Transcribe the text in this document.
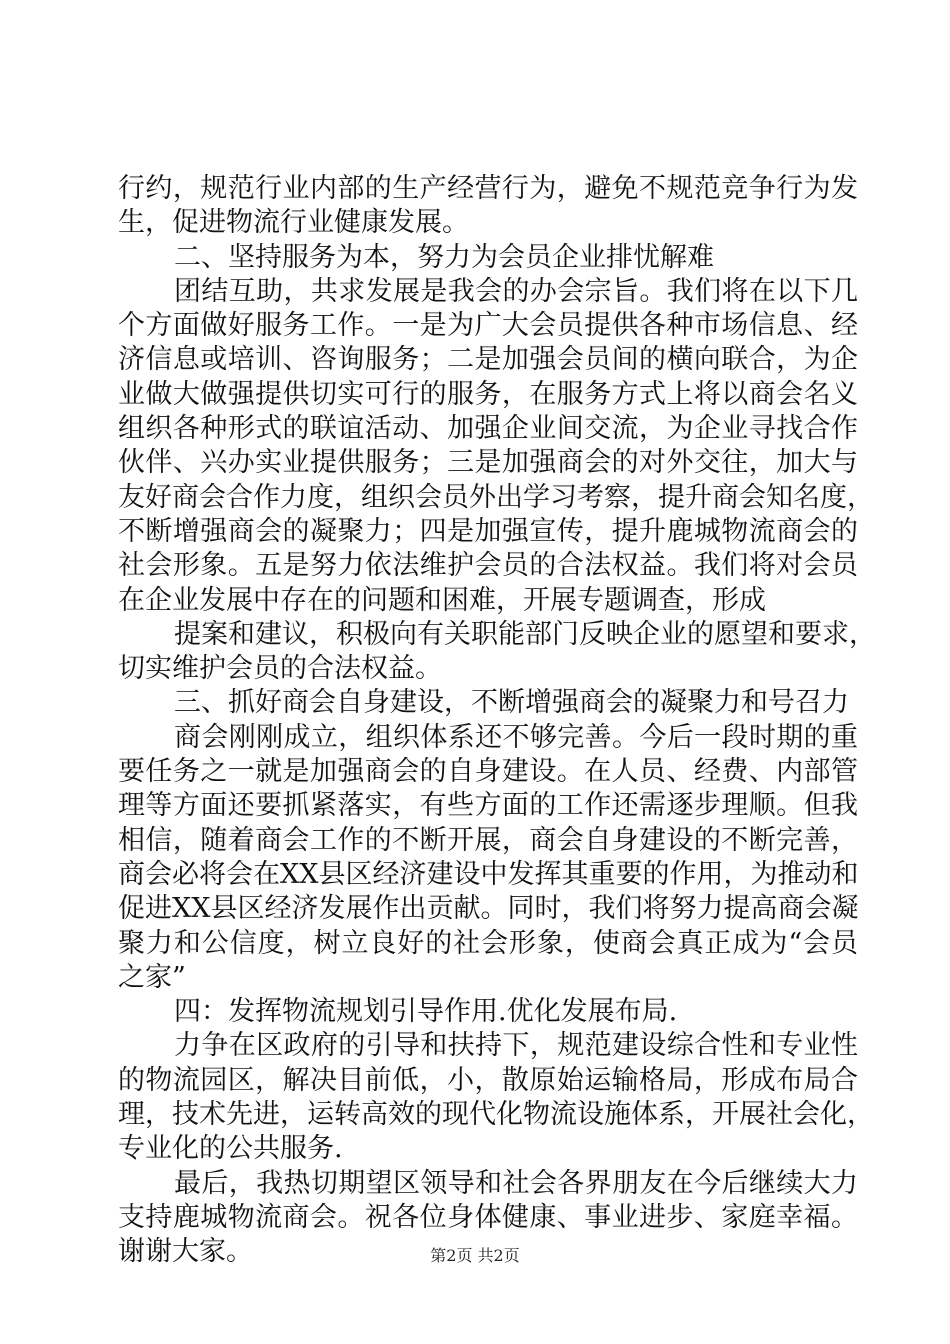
行约，规范行业内部的生产经营行为，避免不规范竞争行为发
生，促进物流行业健康发展。
二、坚持服务为本，努力为会员企业排忧解难
团结互助，共求发展是我会的办会宗旨。我们将在以下几
个方面做好服务工作。一是为广大会员提供各种市场信息、经
济信息或培训、咨询服务；二是加强会员间的横向联合，为企
业做大做强提供切实可行的服务，在服务方式上将以商会名义
组织各种形式的联谊活动、加强企业间交流，为企业寻找合作
伙伴、兴办实业提供服务；三是加强商会的对外交往，加大与
友好商会合作力度，组织会员外出学习考察，提升商会知名度，
不断增强商会的凝聚力；四是加强宣传，提升鹿城物流商会的
社会形象。五是努力依法维护会员的合法权益。我们将对会员
在企业发展中存在的问题和困难，开展专题调查，形成
提案和建议，积极向有关职能部门反映企业的愿望和要求，
切实维护会员的合法权益。
三、抓好商会自身建设，不断增强商会的凝聚力和号召力
商会刚刚成立，组织体系还不够完善。今后一段时期的重
要任务之一就是加强商会的自身建设。在人员、经费、内部管
理等方面还要抓紧落实，有些方面的工作还需逐步理顺。但我
相信，随着商会工作的不断开展，商会自身建设的不断完善，
商会必将会在XX县区经济建设中发挥其重要的作用，为推动和
促进XX县区经济发展作出贡献。同时，我们将努力提高商会凝
聚力和公信度，树立良好的社会形象，使商会真正成为“会员
之家”
四：发挥物流规划引导作用.优化发展布局.
力争在区政府的引导和扶持下，规范建设综合性和专业性
的物流园区，解决目前低，小，散原始运输格局，形成布局合
理，技术先进，运转高效的现代化物流设施体系，开展社会化，
专业化的公共服务.
最后，我热切期望区领导和社会各界朋友在今后继续大力
支持鹿城物流商会。祝各位身体健康、事业进步、家庭幸福。
谢谢大家。	第2页 共2页
